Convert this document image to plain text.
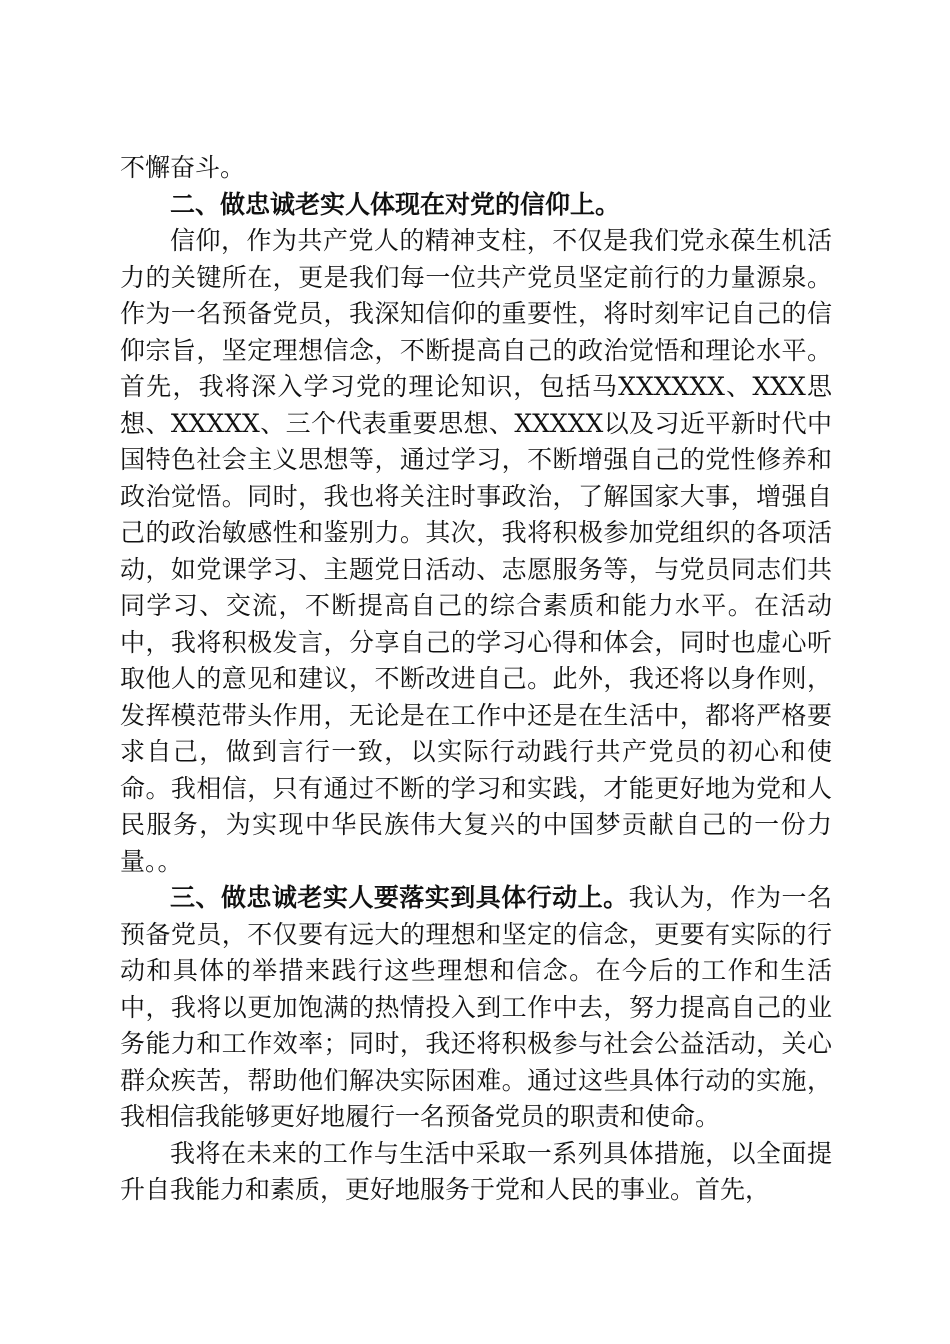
不懈奋斗。

二、做忠诚老实人体现在对党的信仰上。

信仰，作为共产党人的精神支柱，不仅是我们党永葆生机活力的关键所在，更是我们每一位共产党员坚定前行的力量源泉。作为一名预备党员，我深知信仰的重要性，将时刻牢记自己的信仰宗旨，坚定理想信念，不断提高自己的政治觉悟和理论水平。首先，我将深入学习党的理论知识，包括马XXXXXX、XXX思想、XXXXX、三个代表重要思想、XXXXX以及习近平新时代中国特色社会主义思想等，通过学习，不断增强自己的党性修养和政治觉悟。同时，我也将关注时事政治，了解国家大事，增强自己的政治敏感性和鉴别力。其次，我将积极参加党组织的各项活动，如党课学习、主题党日活动、志愿服务等，与党员同志们共同学习、交流，不断提高自己的综合素质和能力水平。在活动中，我将积极发言，分享自己的学习心得和体会，同时也虚心听取他人的意见和建议，不断改进自己。此外，我还将以身作则，发挥模范带头作用，无论是在工作中还是在生活中，都将严格要求自己，做到言行一致，以实际行动践行共产党员的初心和使命。我相信，只有通过不断的学习和实践，才能更好地为党和人民服务，为实现中华民族伟大复兴的中国梦贡献自己的一份力量。。

三、做忠诚老实人要落实到具体行动上。我认为，作为一名预备党员，不仅要有远大的理想和坚定的信念，更要有实际的行动和具体的举措来践行这些理想和信念。在今后的工作和生活中，我将以更加饱满的热情投入到工作中去，努力提高自己的业务能力和工作效率；同时，我还将积极参与社会公益活动，关心群众疾苦，帮助他们解决实际困难。通过这些具体行动的实施，我相信我能够更好地履行一名预备党员的职责和使命。

我将在未来的工作与生活中采取一系列具体措施，以全面提升自我能力和素质，更好地服务于党和人民的事业。首先，
